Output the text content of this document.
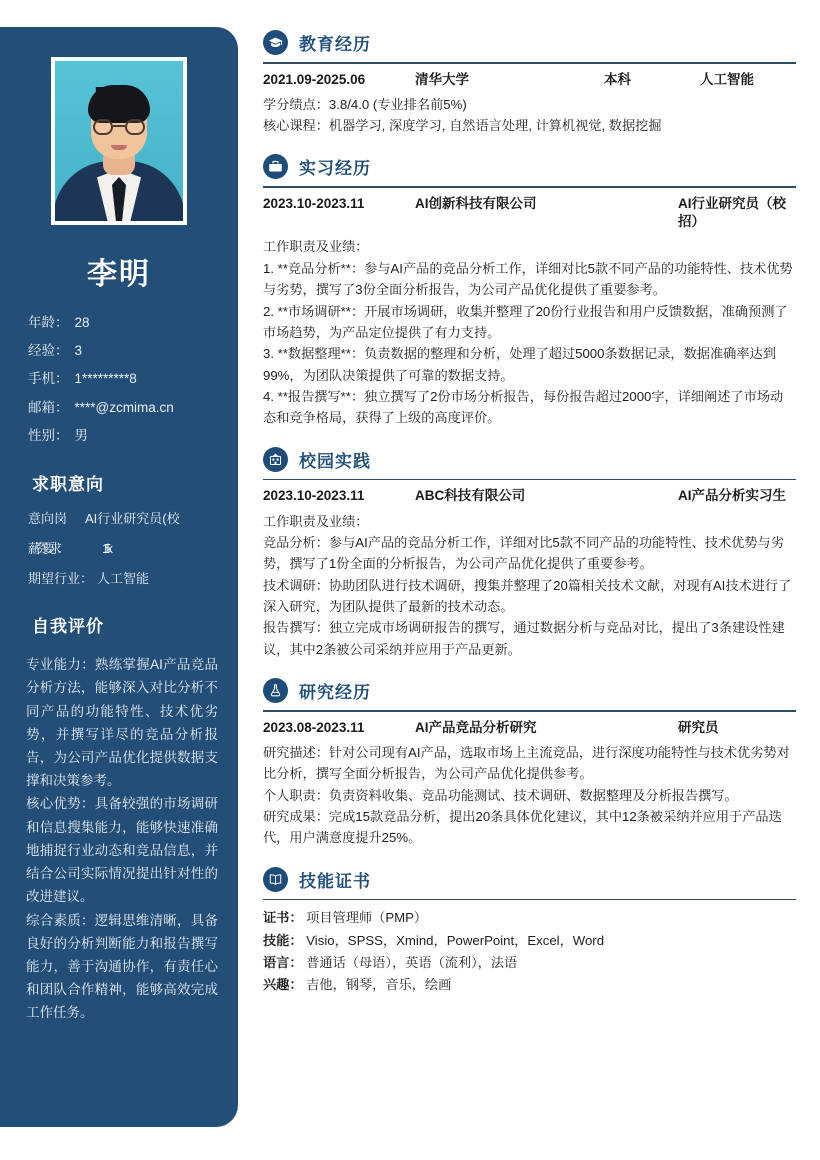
李明
年龄： 28
经验： 3
手机： 1*********8
邮箱： ****@zcmima.cn
性别： 男
求职意向
意向岗 AI行业研究员(校
薪资要求：	15k
期望行业： 人工智能
自我评价

专业能力：熟练掌握AI产品竞品分析方法，能够深入对比分析不同产品的功能特性、技术优劣势，并撰写详尽的竞品分析报告，为公司产品优化提供数据支撑和决策参考。

核心优势：具备较强的市场调研和信息搜集能力，能够快速准确地捕捉行业动态和竞品信息，并结合公司实际情况提出针对性的改进建议。

综合素质：逻辑思维清晰，具备良好的分析判断能力和报告撰写能力，善于沟通协作，有责任心和团队合作精神，能够高效完成工作任务。

教育经历
2021.09-2025.06	清华大学	本科	人工智能

学分绩点：3.8/4.0 (专业排名前5%)

核心课程：机器学习, 深度学习, 自然语言处理, 计算机视觉, 数据挖掘

实习经历
2023.10-2023.11	AI创新科技有限公司	AI行业研究员（校招）

工作职责及业绩：

1. **竞品分析**：参与AI产品的竞品分析工作，详细对比5款不同产品的功能特性、技术优势与劣势，撰写了3份全面分析报告，为公司产品优化提供了重要参考。

2. **市场调研**：开展市场调研，收集并整理了20份行业报告和用户反馈数据，准确预测了市场趋势，为产品定位提供了有力支持。

3. **数据整理**：负责数据的整理和分析，处理了超过5000条数据记录，数据准确率达到99%，为团队决策提供了可靠的数据支持。

4. **报告撰写**：独立撰写了2份市场分析报告，每份报告超过2000字，详细阐述了市场动态和竞争格局，获得了上级的高度评价。

校园实践
2023.10-2023.11	ABC科技有限公司	AI产品分析实习生

工作职责及业绩：

竞品分析：参与AI产品的竞品分析工作，详细对比5款不同产品的功能特性、技术优势与劣势，撰写了1份全面的分析报告，为公司产品优化提供了重要参考。

技术调研：协助团队进行技术调研，搜集并整理了20篇相关技术文献，对现有AI技术进行了深入研究，为团队提供了最新的技术动态。

报告撰写：独立完成市场调研报告的撰写，通过数据分析与竞品对比，提出了3条建设性建议，其中2条被公司采纳并应用于产品更新。

研究经历
2023.08-2023.11	AI产品竞品分析研究	研究员

研究描述：针对公司现有AI产品，选取市场上主流竞品，进行深度功能特性与技术优劣势对比分析，撰写全面分析报告，为公司产品优化提供参考。

个人职责：负责资料收集、竞品功能测试、技术调研、数据整理及分析报告撰写。

研究成果：完成15款竞品分析，提出20条具体优化建议，其中12条被采纳并应用于产品迭代，用户满意度提升25%。

技能证书

证书： 项目管理师（PMP）

技能： Visio，SPSS，Xmind，PowerPoint，Excel，Word

语言： 普通话（母语），英语（流利），法语

兴趣： 吉他，钢琴，音乐，绘画
